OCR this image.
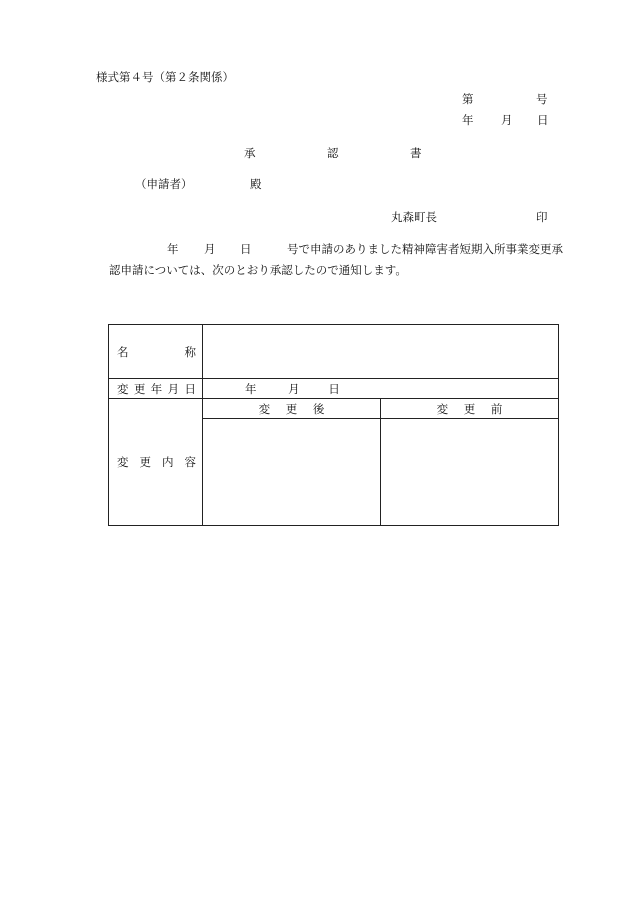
様式第４号（第２条関係）
第	号
年 月 日
承	認	書
（申請者）	殿
丸森町長	印
年 月 日	号で申請のありました精神障害者短期入所事業変更承
認申請については、次のとおり承認したので通知します。
名 称		

変 更 年 月 日	年 月 日	

変 更 内 容	変 更 後	変 更 前
